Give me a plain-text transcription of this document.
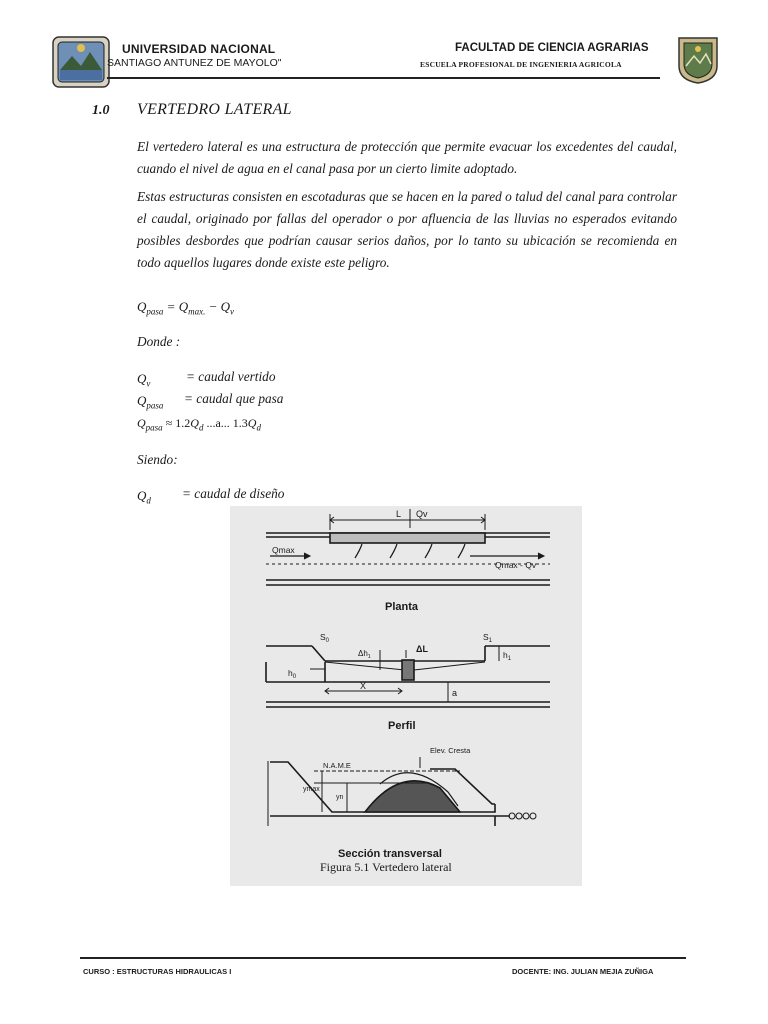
UNIVERSIDAD NACIONAL
SANTIAGO ANTUNEZ DE MAYOLO"
FACULTAD DE CIENCIA AGRARIAS
ESCUELA PROFESIONAL DE INGENIERIA AGRICOLA
1.0 VERTEDRO LATERAL

El vertedero lateral es una estructura de protección que permite evacuar los excedentes del caudal, cuando el nivel de agua en el canal pasa por un cierto limite adoptado.

Estas estructuras consisten en escotaduras que se hacen en la pared o talud del canal para controlar el caudal, originado por fallas del operador o por afluencia de las lluvias no esperados evitando posibles desbordes que podrían causar serios daños, por lo tanto su ubicación se recomienda en todo aquellos lugares donde existe este peligro.

$Q_{pasa} = Q_{max.} - Q_v$
Donde :
$Q_v$	= caudal vertido
$Q_{pasa}$ = caudal que pasa
$Q_{pasa} \approx 1.2Q_d$ ...a... $1.3Q_d$
Siendo:
$Q_d$ = caudal de diseño
L Qv
Qmax
Qmax - Qv
Planta
$S_0$	$S_1$
$\Delta h_1$
ΔL
$h_0$
$h_1$
X
a
Perfil
Elev. Cresta
N.A.M.E
ymax
yn
Sección transversal
Figura 5.1 Vertedero lateral
CURSO : ESTRUCTURAS HIDRAULICAS I	DOCENTE: ING. JULIAN MEJIA ZUÑIGA
